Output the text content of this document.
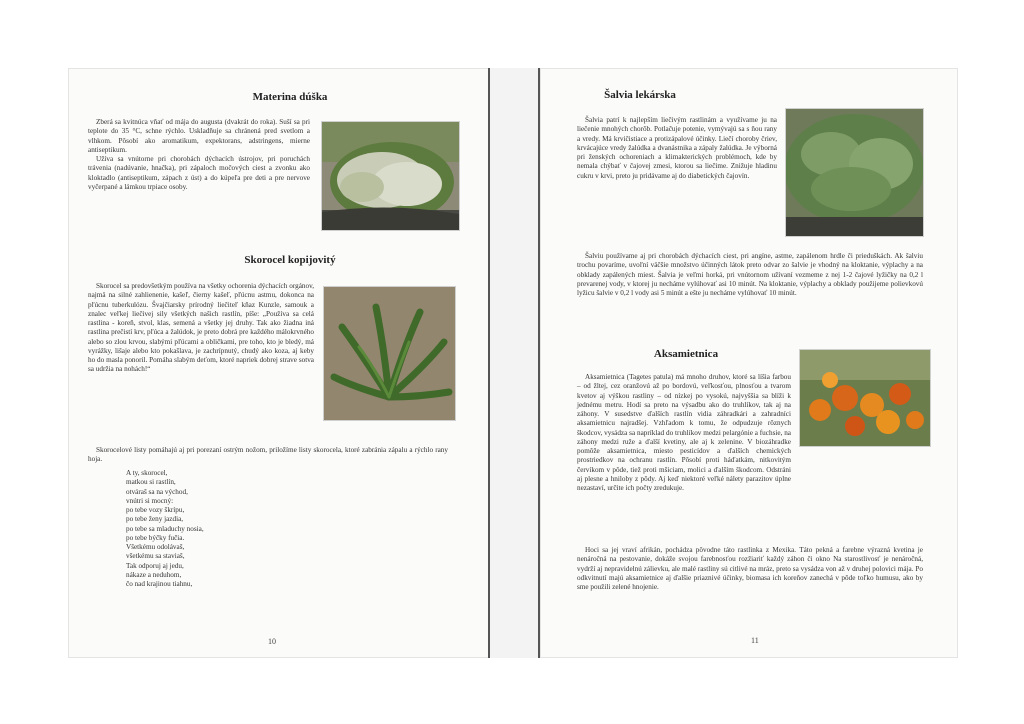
Materina dúška

Zberá sa kvitnúca vňať od mája do augusta (dvakrát do roka). Suší sa pri teplote do 35 °C, schne rýchlo. Uskladňuje sa chránená pred svetlom a vlhkom. Pôsobí ako aromatikum, expektorans, adstringens, mierne antiseptikum.

Užíva sa vnútorne pri chorobách dýchacích ústrojov, pri poruchách trávenia (nadúvanie, hnačka), pri zápaloch močových ciest a zvonku ako kloktadlo (antiseptikum, zápach z úst) a do kúpeľa pre deti a pre nervove vyčerpané a lámkou trpiace osoby.

Skorocel kopijovitý

Skorocel sa predovšetkým používa na všetky ochorenia dýchacích orgánov, najmä na silné zahlienenie, kašeľ, čierny kašeľ, pľúcnu astmu, dokonca na pľúcnu tuberkulózu. Švajčiarsky prírodný liečiteľ kňaz Kunzle, samouk a znalec veľkej liečivej sily všetkých našich rastlín, píše: „Používa sa celá rastlina - koreň, stvol, klas, semená a všetky jej druhy. Tak ako žiadna iná rastlina prečistí krv, pľúca a žalúdok, je preto dobrá pre každého málokrvného alebo so zlou krvou, slabými pľúcami a obličkami, pre toho, kto je bledý, má vyrážky, lišaje alebo kto pokašlava, je zachrípnutý, chudý ako koza, aj keby ho do masla ponoril. Pomáha slabým deťom, ktoré napriek dobrej strave sotva sa udržia na nohách!“

Skorocelové listy pomáhajú aj pri porezaní ostrým nožom, priložíme listy skorocela, ktoré zabránia zápalu a rýchlo rany hoja.

A ty, skorocel,
matkou si rastlín,
otváraš sa na východ,
vnútri si mocný:
po tebe vozy škrípu,
po tebe ženy jazdia,
po tebe sa mladuchy nosia,
po tebe býčky fučia.
Všetkému odolávaš,
všetkému sa staviaš,
Tak odporuj aj jedu,
nákaze a neduhom,
čo nad krajinou tiahnu,
10
Šalvia lekárska

Šalvia patrí k najlepším liečivým rastlinám a využívame ju na liečenie mnohých chorôb. Potlačuje potenie, vymývajú sa s ňou rany a vredy. Má krvičistiace a protizápalové účinky. Liečí choroby čriev, krvácajúce vredy žalúdka a dvanástnika a zápaly žalúdka. Je výborná pri ženských ochoreniach a klimakterických problémoch, kde by nemala chýbať v čajovej zmesi, ktorou sa liečime. Znižuje hladinu cukru v krvi, preto ju pridávame aj do diabetických čajovín.

Šalviu používame aj pri chorobách dýchacích ciest, pri angíne, astme, zapálenom hrdle či prieduškách. Ak šalviu trochu povaríme, uvoľní väčšie množstvo účinných látok preto odvar zo šalvie je vhodný na kloktanie, výplachy a na obklady zapálených miest. Šalvia je veľmi horká, pri vnútornom užívaní vezmeme z nej 1-2 čajové lyžičky na 0,2 l prevarenej vody, v ktorej ju necháme vylúhovať asi 10 minút. Na kloktanie, výplachy a obklady použijeme polievkovú lyžicu šalvie v 0,2 l vody asi 5 minút a ešte ju necháme vylúhovať 10 minút.

Aksamietnica

Aksamietnica (Tagetes patula) má mnoho druhov, ktoré sa líšia farbou – od žltej, cez oranžovú až po bordovú, veľkosťou, plnosťou a tvarom kvetov aj výškou rastliny – od nízkej po vysokú, najvyššia sa blíži k jednému metru. Hodí sa preto na výsadbu ako do truhlíkov, tak aj na záhony. V susedstve ďalších rastlín vidia záhradkári a zahradníci aksamietnicu najradšej. Vzhľadom k tomu, že odpudzuje rôznych škodcov, vysádza sa napríklad do truhlíkov medzi pelargónie a fuchsie, na záhony medzi ruže a ďalší kvetiny, ale aj k zelenine. V biozáhradke pomôže aksamietnica, miesto pesticídov a ďalších chemických prostriedkov na ochranu rastlín. Pôsobí proti háďatkám, nitkovitým červíkom v pôde, tiež proti mšiciam, molici a ďalším škodcom. Odstráni aj plesne a hniloby z pôdy. Aj keď niektoré veľké nálety parazitov úplne nezastaví, určite ich počty zredukuje.

Hoci sa jej vraví afrikán, pochádza pôvodne táto rastlinka z Mexika. Táto pekná a farebne výrazná kvetina je nenáročná na pestovanie, dokáže svojou farebnosťou rozžiariť každý záhon či okno Na starostlivosť je nenáročná, vydrží aj nepravidelnú zálievku, ale malé rastliny sú citlivé na mráz, preto sa vysádza von až v druhej polovici mája. Po odkvitnutí majú aksamietnice aj ďalšie priaznivé účinky, biomasa ich koreňov zanechá v pôde toľko humusu, ako by sme použili zelené hnojenie.

11
